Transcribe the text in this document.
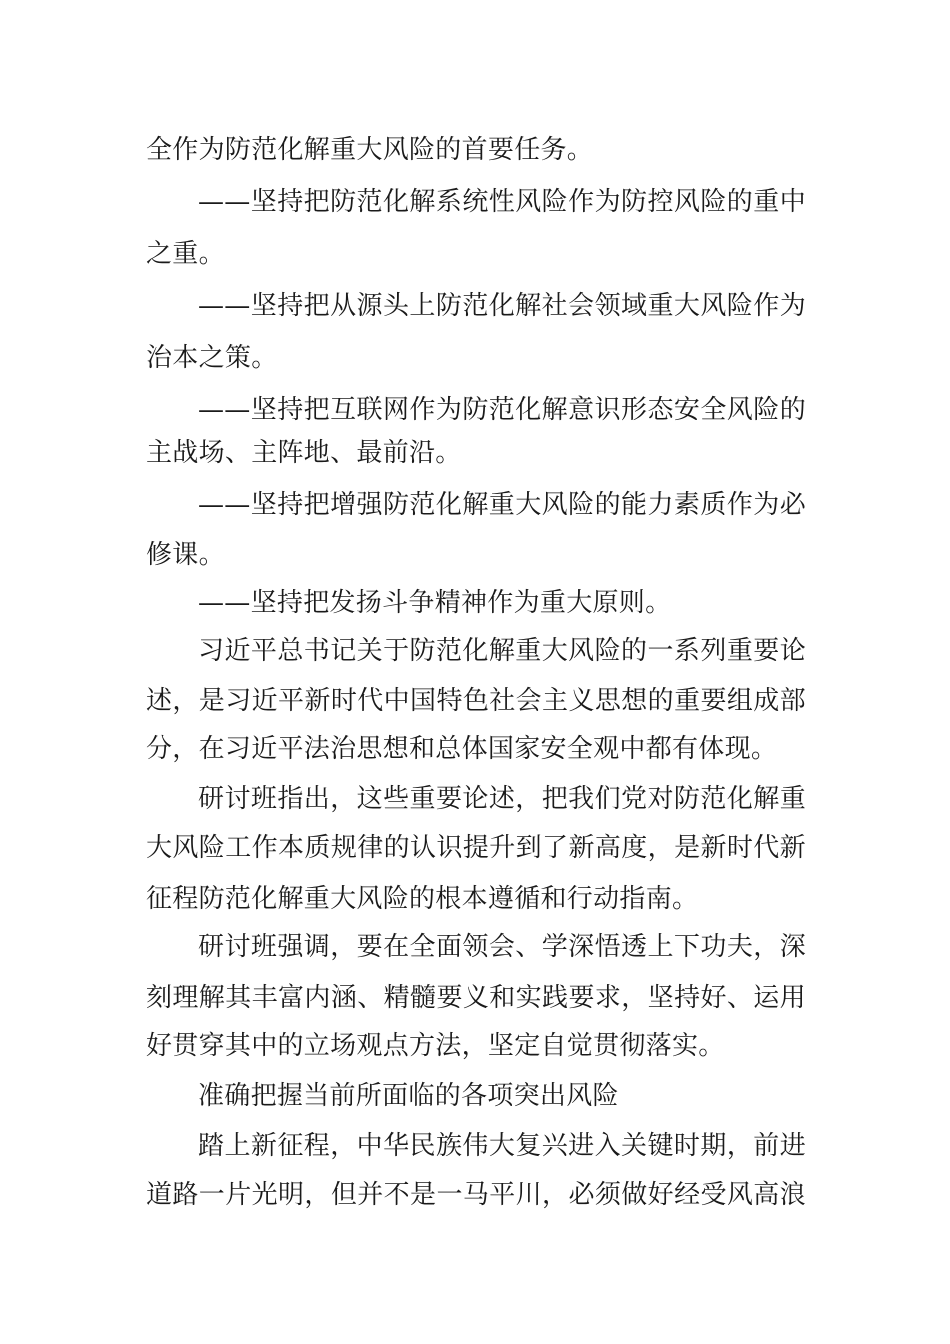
全作为防范化解重大风险的首要任务。
——坚持把防范化解系统性风险作为防控风险的重中
之重。
——坚持把从源头上防范化解社会领域重大风险作为
治本之策。
——坚持把互联网作为防范化解意识形态安全风险的
主战场、主阵地、最前沿。
——坚持把增强防范化解重大风险的能力素质作为必
修课。
——坚持把发扬斗争精神作为重大原则。
习近平总书记关于防范化解重大风险的一系列重要论
述，是习近平新时代中国特色社会主义思想的重要组成部
分，在习近平法治思想和总体国家安全观中都有体现。
研讨班指出，这些重要论述，把我们党对防范化解重
大风险工作本质规律的认识提升到了新高度，是新时代新
征程防范化解重大风险的根本遵循和行动指南。
研讨班强调，要在全面领会、学深悟透上下功夫，深
刻理解其丰富内涵、精髓要义和实践要求，坚持好、运用
好贯穿其中的立场观点方法，坚定自觉贯彻落实。
准确把握当前所面临的各项突出风险
踏上新征程，中华民族伟大复兴进入关键时期，前进
道路一片光明，但并不是一马平川，必须做好经受风高浪
